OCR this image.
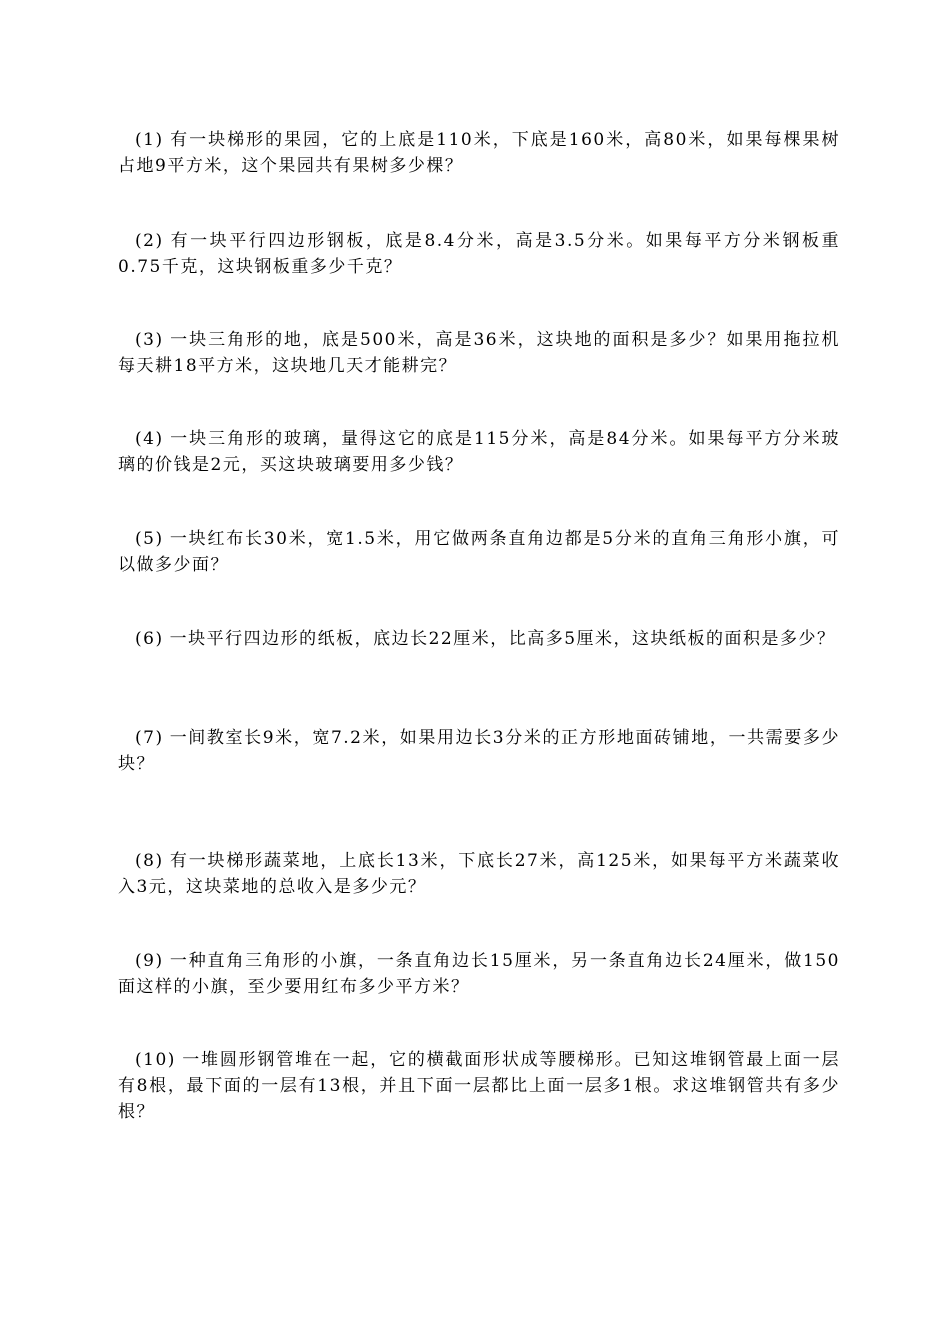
(1) 有一块梯形的果园，它的上底是110米，下底是160米，高80米，如果每棵果树占地9平方米，这个果园共有果树多少棵？

(2) 有一块平行四边形钢板，底是8.4分米，高是3.5分米。如果每平方分米钢板重0.75千克，这块钢板重多少千克？

(3) 一块三角形的地，底是500米，高是36米，这块地的面积是多少？如果用拖拉机每天耕18平方米，这块地几天才能耕完？

(4) 一块三角形的玻璃，量得这它的底是115分米，高是84分米。如果每平方分米玻璃的价钱是2元，买这块玻璃要用多少钱？

(5) 一块红布长30米，宽1.5米，用它做两条直角边都是5分米的直角三角形小旗，可以做多少面？

(6) 一块平行四边形的纸板，底边长22厘米，比高多5厘米，这块纸板的面积是多少？

(7) 一间教室长9米，宽7.2米，如果用边长3分米的正方形地面砖铺地，一共需要多少块？

(8) 有一块梯形蔬菜地，上底长13米，下底长27米，高125米，如果每平方米蔬菜收入3元，这块菜地的总收入是多少元？

(9) 一种直角三角形的小旗，一条直角边长15厘米，另一条直角边长24厘米，做150面这样的小旗，至少要用红布多少平方米？

(10) 一堆圆形钢管堆在一起，它的横截面形状成等腰梯形。已知这堆钢管最上面一层有8根，最下面的一层有13根，并且下面一层都比上面一层多1根。求这堆钢管共有多少根？
